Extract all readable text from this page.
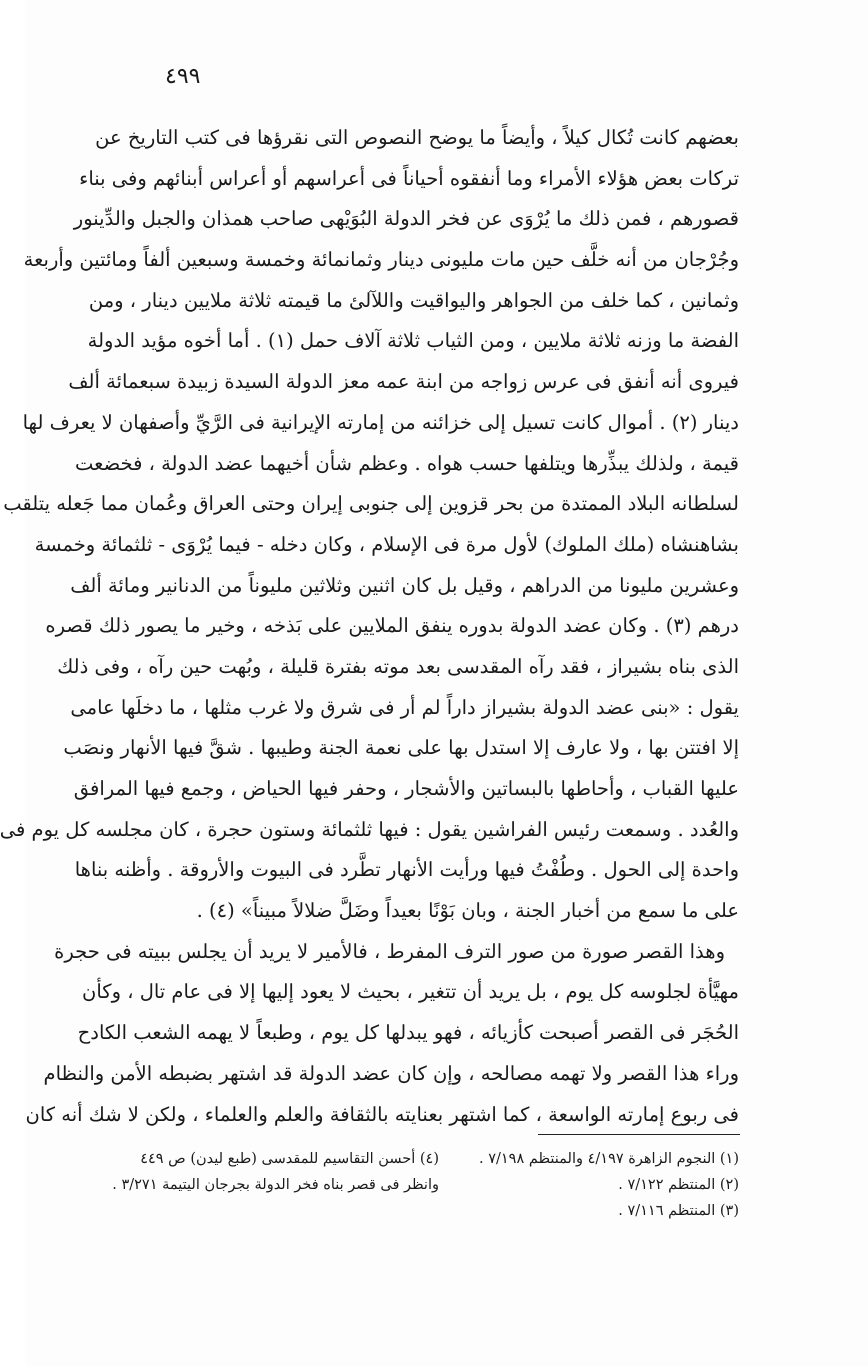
٤٩٩
بعضهم كانت تُكال كيلاً ، وأيضاً ما يوضح النصوص التى نقرؤها فى كتب التاريخ عن
تركات بعض هؤلاء الأمراء وما أنفقوه أحياناً فى أعراسهم أو أعراس أبنائهم وفى بناء
قصورهم ، فمن ذلك ما يُرْوَى عن فخر الدولة البُوَيْهى صاحب همذان والجبل والدِّينور
وجُرْجان من أنه خلَّف حين مات مليونى دينار وثمانمائة وخمسة وسبعين ألفاً ومائتين وأربعة
وثمانين ، كما خلف من الجواهر واليواقيت واللآلئ ما قيمته ثلاثة ملايين دينار ، ومن
الفضة ما وزنه ثلاثة ملايين ، ومن الثياب ثلاثة آلاف حمل (١) . أما أخوه مؤيد الدولة
فيروى أنه أنفق فى عرس زواجه من ابنة عمه معز الدولة السيدة زبيدة سبعمائة ألف
دينار (٢) . أموال كانت تسيل إلى خزائنه من إمارته الإيرانية فى الرَّيِّ وأصفهان لا يعرف لها
قيمة ، ولذلك يبذِّرها ويتلفها حسب هواه . وعظم شأن أخيهما عضد الدولة ، فخضعت
لسلطانه البلاد الممتدة من بحر قزوين إلى جنوبى إيران وحتى العراق وعُمان مما جَعله يتلقب
بشاهنشاه (ملك الملوك) لأول مرة فى الإسلام ، وكان دخله - فيما يُرْوَى - ثلثمائة وخمسة
وعشرين مليونا من الدراهم ، وقيل بل كان اثنين وثلاثين مليوناً من الدنانير ومائة ألف
درهم (٣) . وكان عضد الدولة بدوره ينفق الملايين على بَذخه ، وخير ما يصور ذلك قصره
الذى بناه بشيراز ، فقد رآه المقدسى بعد موته بفترة قليلة ، وبُهت حين رآه ، وفى ذلك
يقول : «بنى عضد الدولة بشيراز داراً لم أر فى شرق ولا غرب مثلها ، ما دخلَها عامى
إلا افتتن بها ، ولا عارف إلا استدل بها على نعمة الجنة وطيبها . شقَّ فيها الأنهار ونصَب
عليها القباب ، وأحاطها بالبساتين والأشجار ، وحفر فيها الحياض ، وجمع فيها المرافق
والعُدد . وسمعت رئيس الفراشين يقول : فيها ثلثمائة وستون حجرة ، كان مجلسه كل يوم فى
واحدة إلى الحول . وطُفْتُ فيها ورأيت الأنهار تطَّرد فى البيوت والأروقة . وأظنه بناها
على ما سمع من أخبار الجنة ، وبان بَوْنًا بعيداً وضَلَّ ضلالاً مبيناً» (٤) .
وهذا القصر صورة من صور الترف المفرط ، فالأمير لا يريد أن يجلس ببيته فى حجرة
مهيَّأة لجلوسه كل يوم ، بل يريد أن تتغير ، بحيث لا يعود إليها إلا فى عام تال ، وكأن
الحُجَر فى القصر أصبحت كأزيائه ، فهو يبدلها كل يوم ، وطبعاً لا يهمه الشعب الكادح
وراء هذا القصر ولا تهمه مصالحه ، وإن كان عضد الدولة قد اشتهر بضبطه الأمن والنظام
فى ربوع إمارته الواسعة ، كما اشتهر بعنايته بالثقافة والعلم والعلماء ، ولكن لا شك أنه كان
(١) النجوم الزاهرة ٤/١٩٧ والمنتظم ٧/١٩٨ .
(٤) أحسن التقاسيم للمقدسى (طبع ليدن) ص ٤٤٩
(٢) المنتظم ٧/١٢٢ .
وانظر فى قصر بناه فخر الدولة بجرجان اليتيمة ٣/٢٧١ .
(٣) المنتظم ٧/١١٦ .
